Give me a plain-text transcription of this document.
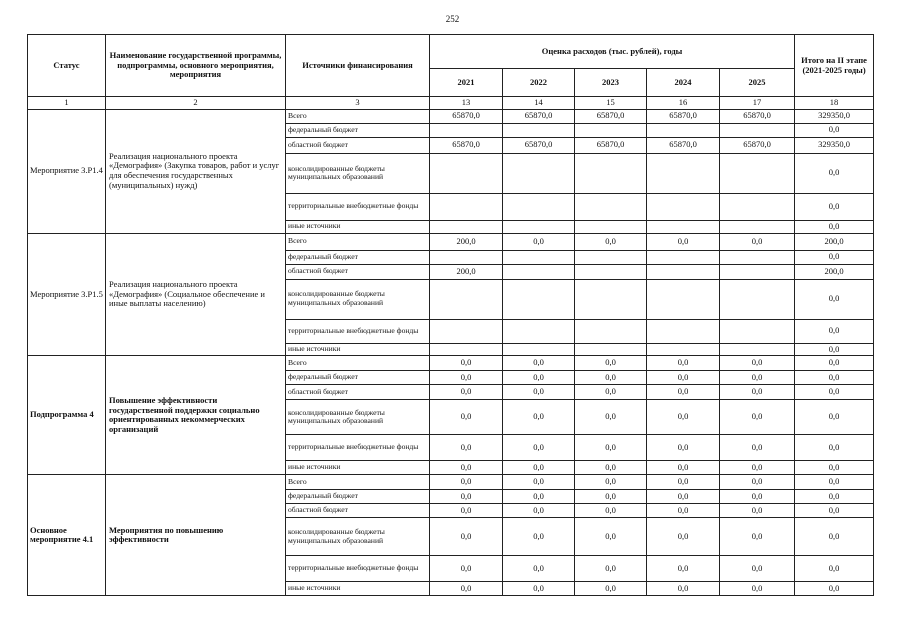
252
Статус	Наименование государственной программы, подпрограммы, основного мероприятия, мероприятия	Источники финансирования	Оценка расходов (тыс. рублей), годы					Итого на II этапе (2021-2025 годы)
			2021	2022	2023	2024	2025	
1	2	3	13	14	15	16	17	18
Мероприятие 3.Р1.4	Реализация национального проекта «Демография» (Закупка товаров, работ и услуг для обеспечения государственных (муниципальных) нужд)	Всего	65870,0	65870,0	65870,0	65870,0	65870,0	329350,0
		федеральный бюджет						0,0
		областной бюджет	65870,0	65870,0	65870,0	65870,0	65870,0	329350,0
		консолидированные бюджеты муниципальных образований						0,0
		территориальные внебюджетные фонды						0,0
		иные источники						0,0
Мероприятие 3.Р1.5	Реализация национального проекта «Демография» (Социальное обеспечение и иные выплаты населению)	Всего	200,0	0,0	0,0	0,0	0,0	200,0
		федеральный бюджет						0,0
		областной бюджет	200,0					200,0
		консолидированные бюджеты муниципальных образований						0,0
		территориальные внебюджетные фонды						0,0
		иные источники						0,0
Подпрограмма 4	Повышение эффективности государственной поддержки социально ориентированных некоммерческих организаций	Всего	0,0	0,0	0,0	0,0	0,0	0,0
		федеральный бюджет	0,0	0,0	0,0	0,0	0,0	0,0
		областной бюджет	0,0	0,0	0,0	0,0	0,0	0,0
		консолидированные бюджеты муниципальных образований	0,0	0,0	0,0	0,0	0,0	0,0
		территориальные внебюджетные фонды	0,0	0,0	0,0	0,0	0,0	0,0
		иные источники	0,0	0,0	0,0	0,0	0,0	0,0
Основное мероприятие 4.1	Мероприятия по повышению эффективности	Всего	0,0	0,0	0,0	0,0	0,0	0,0
		федеральный бюджет	0,0	0,0	0,0	0,0	0,0	0,0
		областной бюджет	0,0	0,0	0,0	0,0	0,0	0,0
		консолидированные бюджеты муниципальных образований	0,0	0,0	0,0	0,0	0,0	0,0
		территориальные внебюджетные фонды	0,0	0,0	0,0	0,0	0,0	0,0
		иные источники	0,0	0,0	0,0	0,0	0,0	0,0
